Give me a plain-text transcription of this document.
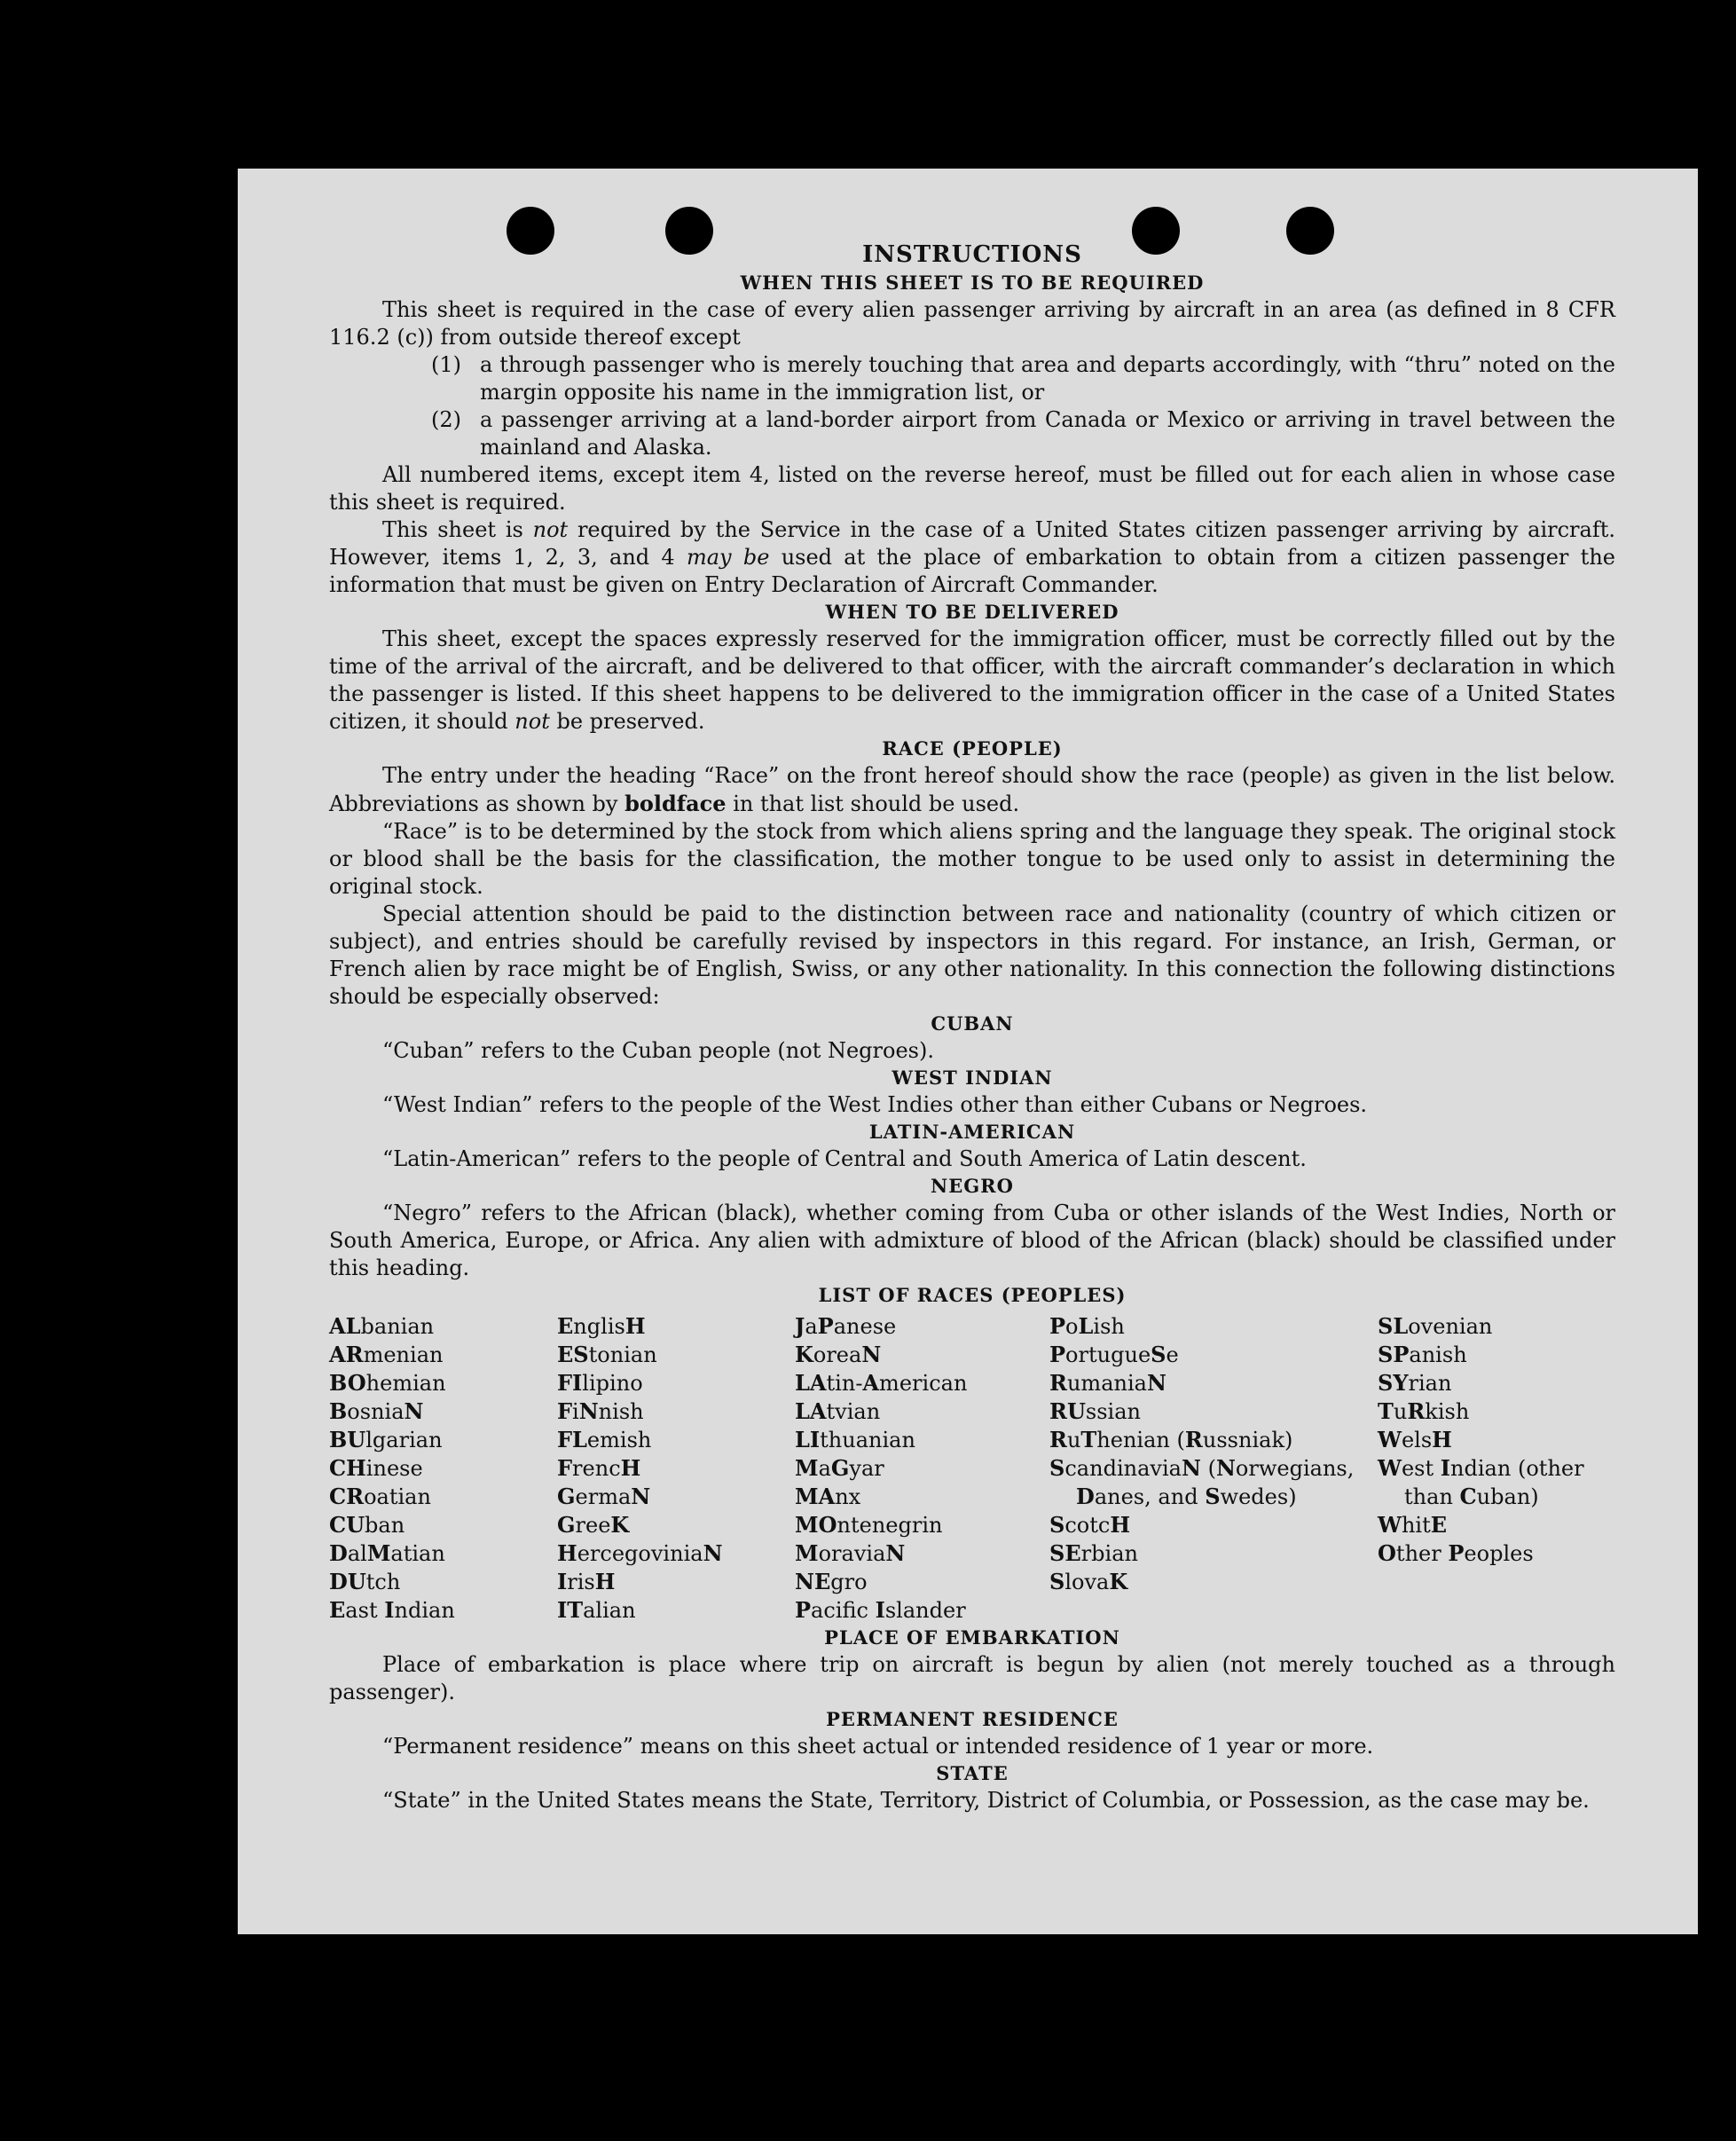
INSTRUCTIONS
WHEN THIS SHEET IS TO BE REQUIRED

This sheet is required in the case of every alien passenger arriving by aircraft in an area (as defined in 8 CFR 116.2 (c)) from outside thereof except

(1) a through passenger who is merely touching that area and departs accordingly, with “thru” noted on the margin opposite his name in the immigration list, or
(2) a passenger arriving at a land-border airport from Canada or Mexico or arriving in travel between the mainland and Alaska.

All numbered items, except item 4, listed on the reverse hereof, must be filled out for each alien in whose case this sheet is required.

This sheet is not required by the Service in the case of a United States citizen passenger arriving by aircraft. However, items 1, 2, 3, and 4 may be used at the place of embarkation to obtain from a citizen passenger the information that must be given on Entry Declaration of Aircraft Commander.

WHEN TO BE DELIVERED

This sheet, except the spaces expressly reserved for the immigration officer, must be correctly filled out by the time of the arrival of the aircraft, and be delivered to that officer, with the aircraft commander’s declaration in which the passenger is listed. If this sheet happens to be delivered to the immigration officer in the case of a United States citizen, it should not be preserved.

RACE (PEOPLE)

The entry under the heading “Race” on the front hereof should show the race (people) as given in the list below. Abbreviations as shown by boldface in that list should be used.

“Race” is to be determined by the stock from which aliens spring and the language they speak. The original stock or blood shall be the basis for the classification, the mother tongue to be used only to assist in determining the original stock.

Special attention should be paid to the distinction between race and nationality (country of which citizen or subject), and entries should be carefully revised by inspectors in this regard. For instance, an Irish, German, or French alien by race might be of English, Swiss, or any other nationality. In this connection the following distinctions should be especially observed:

CUBAN

“Cuban” refers to the Cuban people (not Negroes).

WEST INDIAN

“West Indian” refers to the people of the West Indies other than either Cubans or Negroes.

LATIN-AMERICAN

“Latin-American” refers to the people of Central and South America of Latin descent.

NEGRO

“Negro” refers to the African (black), whether coming from Cuba or other islands of the West Indies, North or South America, Europe, or Africa. Any alien with admixture of blood of the African (black) should be classified under this heading.

LIST OF RACES (PEOPLES)
ALbanian
ARmenian
BOhemian
BosniaN
BUlgarian
CHinese
CRoatian
CUban
DalMatian
DUtch
East Indian
EnglisH
EStonian
FIlipino
FiNnish
FLemish
FrencH
GermaN
GreeK
HercegoviniaN
IrisH
ITalian
JaPanese
KoreaN
LAtin-American
LAtvian
LIthuanian
MaGyar
MAnx
MOntenegrin
MoraviaN
NEgro
Pacifc Islander
PoLish
PortugueSe
RumaniaN
RUssian
RuThenian (Russniak)
ScandinaviaN (Norwegians, Danes, and Swedes)
ScotcH
SErbian
SlovaK
SLovenian
SPanish
SYrian
TuRkish
WelsH
West Indian (other than Cuban)
WhitE
Other Peoples
PLACE OF EMBARKATION

Place of embarkation is place where trip on aircraft is begun by alien (not merely touched as a through passenger).

PERMANENT RESIDENCE

“Permanent residence” means on this sheet actual or intended residence of 1 year or more.

STATE

“State” in the United States means the State, Territory, District of Columbia, or Possession, as the case may be.
